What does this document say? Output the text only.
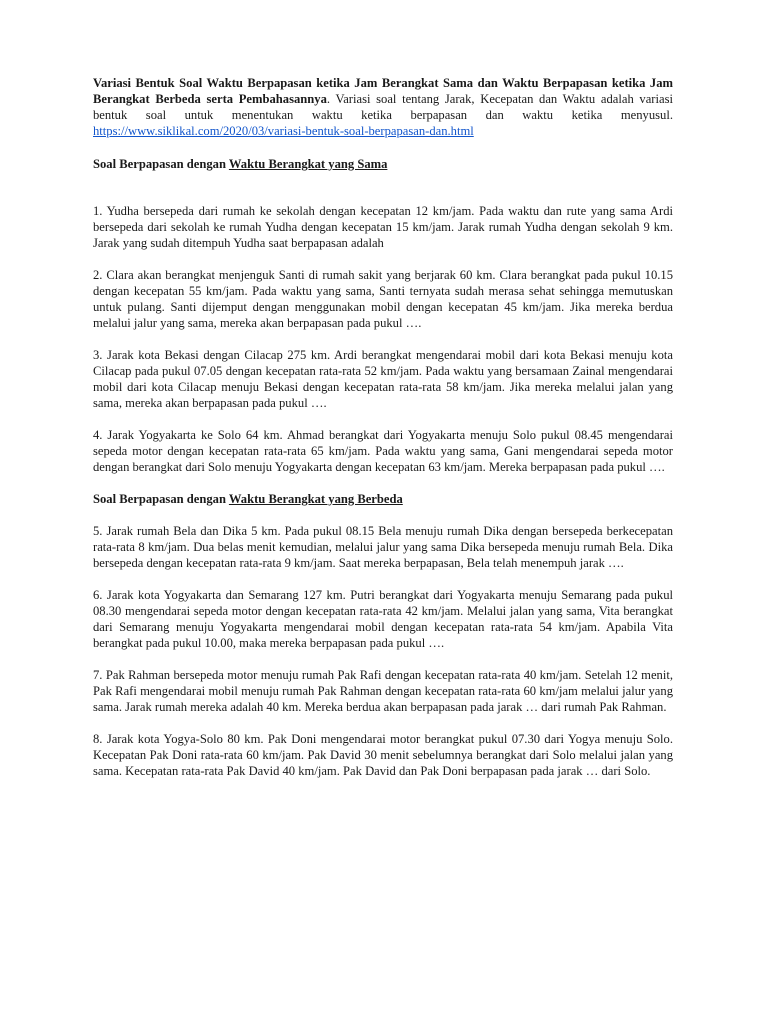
Variasi Bentuk Soal Waktu Berpapasan ketika Jam Berangkat Sama dan Waktu Berpapasan ketika Jam Berangkat Berbeda serta Pembahasannya. Variasi soal tentang Jarak, Kecepatan dan Waktu adalah variasi bentuk soal untuk menentukan waktu ketika berpapasan dan waktu ketika menyusul. https://www.siklikal.com/2020/03/variasi-bentuk-soal-berpapasan-dan.html

Soal Berpapasan dengan Waktu Berangkat yang Sama

1. Yudha bersepeda dari rumah ke sekolah dengan kecepatan 12 km/jam. Pada waktu dan rute yang sama Ardi bersepeda dari sekolah ke rumah Yudha dengan kecepatan 15 km/jam. Jarak rumah Yudha dengan sekolah 9 km. Jarak yang sudah ditempuh Yudha saat berpapasan adalah

2. Clara akan berangkat menjenguk Santi di rumah sakit yang berjarak 60 km. Clara berangkat pada pukul 10.15 dengan kecepatan 55 km/jam. Pada waktu yang sama, Santi ternyata sudah merasa sehat sehingga memutuskan untuk pulang. Santi dijemput dengan menggunakan mobil dengan kecepatan 45 km/jam. Jika mereka berdua melalui jalur yang sama, mereka akan berpapasan pada pukul ….

3. Jarak kota Bekasi dengan Cilacap 275 km. Ardi berangkat mengendarai mobil dari kota Bekasi menuju kota Cilacap pada pukul 07.05 dengan kecepatan rata-rata 52 km/jam. Pada waktu yang bersamaan Zainal mengendarai mobil dari kota Cilacap menuju Bekasi dengan kecepatan rata-rata 58 km/jam. Jika mereka melalui jalan yang sama, mereka akan berpapasan pada pukul ….

4. Jarak Yogyakarta ke Solo 64 km. Ahmad berangkat dari Yogyakarta menuju Solo pukul 08.45 mengendarai sepeda motor dengan kecepatan rata-rata 65 km/jam. Pada waktu yang sama, Gani mengendarai sepeda motor dengan berangkat dari Solo menuju Yogyakarta dengan kecepatan 63 km/jam. Mereka berpapasan pada pukul ….

Soal Berpapasan dengan Waktu Berangkat yang Berbeda

5. Jarak rumah Bela dan Dika 5 km. Pada pukul 08.15 Bela menuju rumah Dika dengan bersepeda berkecepatan rata-rata 8 km/jam. Dua belas menit kemudian, melalui jalur yang sama Dika bersepeda menuju rumah Bela. Dika bersepeda dengan kecepatan rata-rata 9 km/jam. Saat mereka berpapasan, Bela telah menempuh jarak ….

6. Jarak kota Yogyakarta dan Semarang 127 km. Putri berangkat dari Yogyakarta menuju Semarang pada pukul 08.30 mengendarai sepeda motor dengan kecepatan rata-rata 42 km/jam. Melalui jalan yang sama, Vita berangkat dari Semarang menuju Yogyakarta mengendarai mobil dengan kecepatan rata-rata 54 km/jam. Apabila Vita berangkat pada pukul 10.00, maka mereka berpapasan pada pukul ….

7. Pak Rahman bersepeda motor menuju rumah Pak Rafi dengan kecepatan rata-rata 40 km/jam. Setelah 12 menit, Pak Rafi mengendarai mobil menuju rumah Pak Rahman dengan kecepatan rata-rata 60 km/jam melalui jalur yang sama. Jarak rumah mereka adalah 40 km. Mereka berdua akan berpapasan pada jarak … dari rumah Pak Rahman.

8. Jarak kota Yogya-Solo 80 km. Pak Doni mengendarai motor berangkat pukul 07.30 dari Yogya menuju Solo. Kecepatan Pak Doni rata-rata 60 km/jam. Pak David 30 menit sebelumnya berangkat dari Solo melalui jalan yang sama. Kecepatan rata-rata Pak David 40 km/jam. Pak David dan Pak Doni berpapasan pada jarak … dari Solo.
